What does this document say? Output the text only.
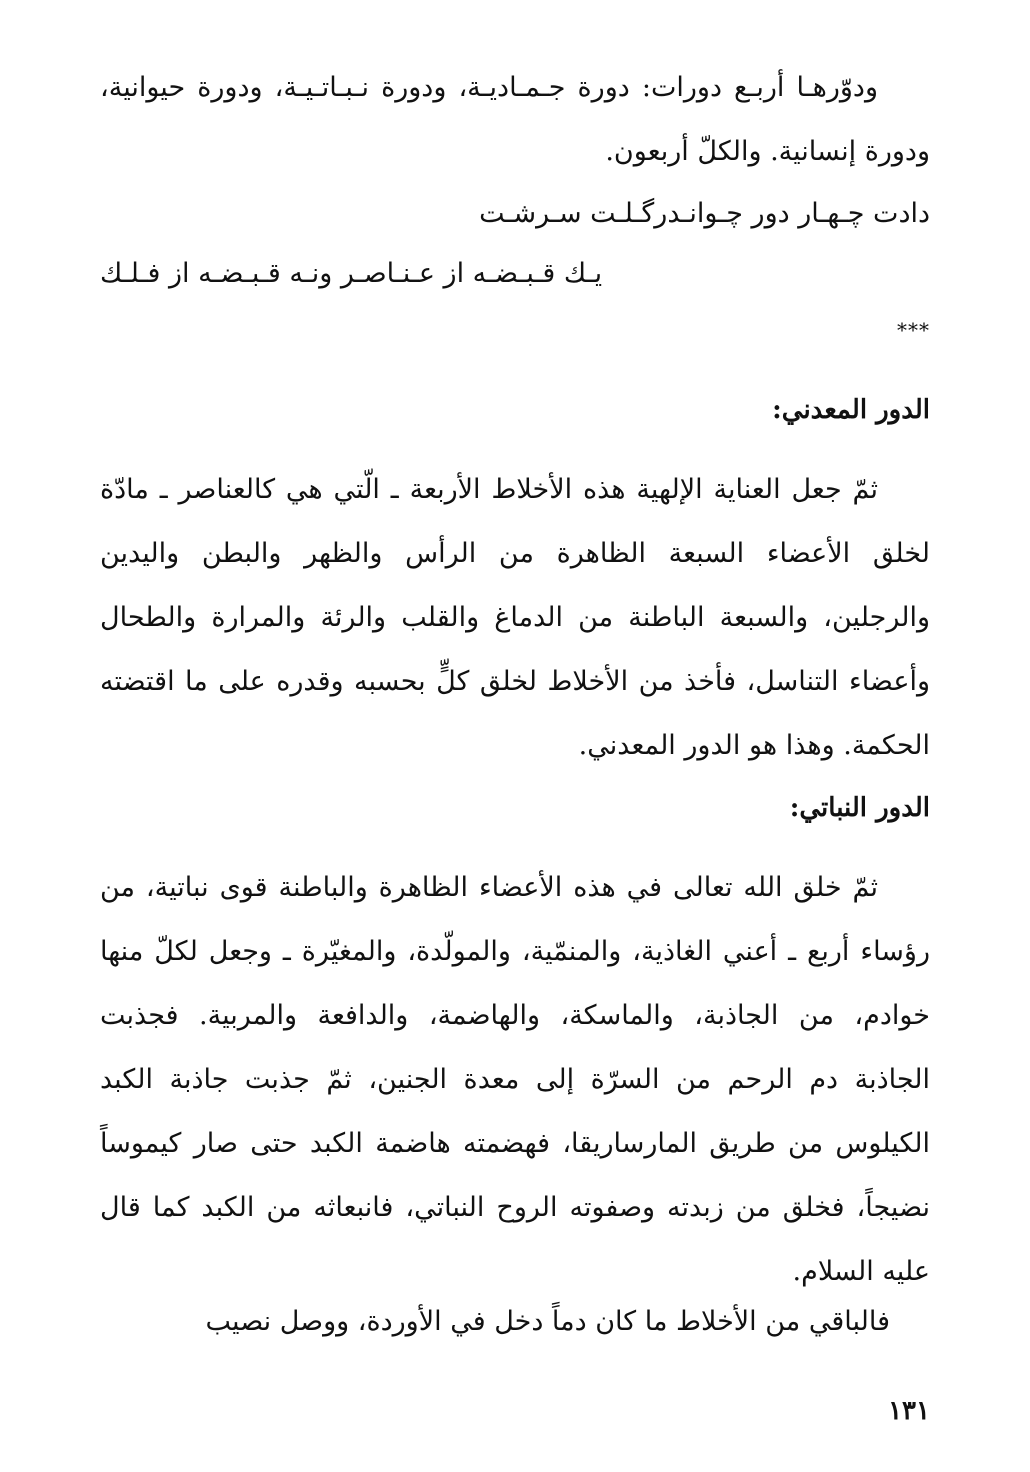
ودوّرهـا أربـع دورات: دورة جـمـاديـة، ودورة نـبـاتـيـة، ودورة حيوانية، ودورة إنسانية. والكلّ أربعون.

دادت چـهـار دور چـوانـدرگـلـت سـرشـت

يـك قـبـضـه از عـنـاصـر ونـه قـبـضـه از فـلـك

***

الدور المعدني:

ثمّ جعل العناية الإلهية هذه الأخلاط الأربعة ـ الّتي هي كالعناصر ـ مادّة لخلق الأعضاء السبعة الظاهرة من الرأس والظهر والبطن واليدين والرجلين، والسبعة الباطنة من الدماغ والقلب والرئة والمرارة والطحال وأعضاء التناسل، فأخذ من الأخلاط لخلق كلٍّ بحسبه وقدره على ما اقتضته الحكمة. وهذا هو الدور المعدني.

الدور النباتي:

ثمّ خلق الله تعالى في هذه الأعضاء الظاهرة والباطنة قوى نباتية، من رؤساء أربع ـ أعني الغاذية، والمنمّية، والمولّدة، والمغيّرة ـ وجعل لكلّ منها خوادم، من الجاذبة، والماسكة، والهاضمة، والدافعة والمربية. فجذبت الجاذبة دم الرحم من السرّة إلى معدة الجنين، ثمّ جذبت جاذبة الكبد الكيلوس من طريق المارساريقا، فهضمته هاضمة الكبد حتى صار كيموساً نضيجاً، فخلق من زبدته وصفوته الروح النباتي، فانبعاثه من الكبد كما قال عليه السلام.

فالباقي من الأخلاط ما كان دماً دخل في الأوردة، ووصل نصيب

١٣١
